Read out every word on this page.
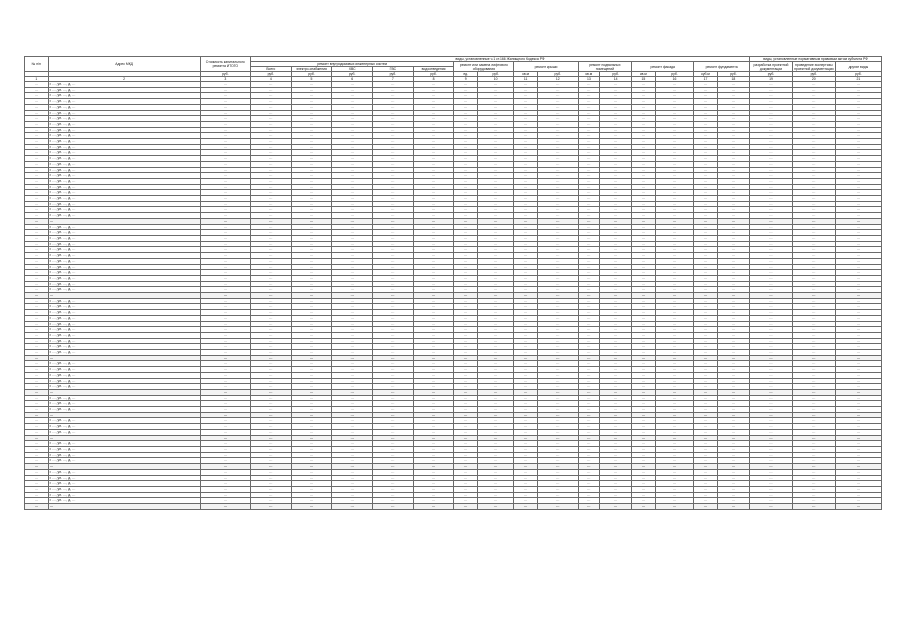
№ п/п	Адрес МКД	Стоимость капитального ремонта ИТОГО	виды, установленные ч.1 ст.166 Жилищного Кодекса РФ															виды, установленные нормативным правовым актом субъекта РФ		
			ремонт внутридомовых инженерных систем					ремонт или замена лифтового оборудования		ремонт крыши		ремонт подвальных помещений		ремонт фасада		ремонт фундамента		разработка проектной документации	проведение экспертизы проектной документации	другие виды
			Всего	электро-снабжения	ХВС	ГВС	водоотведения													
		руб.	руб.	руб.	руб.	руб.	руб.	ед.	руб.	кв.м	руб.	кв.м	руб.	кв.м	руб.	куб.м	руб.	руб.	руб.	руб.
1	2	3	4	5	6	7	8	9	10	11	12	13	14	15	16	17	18	19	20	21
…	г. …, ул. …, д. …	…	…	…	…	…	…	…	…	…	…	…	…	…	…	…	…	…	…	…
…	г. …, ул. …, д. …	…	…	…	…	…	…	…	…	…	…	…	…	…	…	…	…	…	…	…
…	г. …, ул. …, д. …	…	…	…	…	…	…	…	…	…	…	…	…	…	…	…	…	…	…	…
…	г. …, ул. …, д. …	…	…	…	…	…	…	…	…	…	…	…	…	…	…	…	…	…	…	…
…	г. …, ул. …, д. …	…	…	…	…	…	…	…	…	…	…	…	…	…	…	…	…	…	…	…
…	г. …, ул. …, д. …	…	…	…	…	…	…	…	…	…	…	…	…	…	…	…	…	…	…	…
…	г. …, ул. …, д. …	…	…	…	…	…	…	…	…	…	…	…	…	…	…	…	…	…	…	…
…	г. …, ул. …, д. …	…	…	…	…	…	…	…	…	…	…	…	…	…	…	…	…	…	…	…
…	г. …, ул. …, д. …	…	…	…	…	…	…	…	…	…	…	…	…	…	…	…	…	…	…	…
…	г. …, ул. …, д. …	…	…	…	…	…	…	…	…	…	…	…	…	…	…	…	…	…	…	…
…	г. …, ул. …, д. …	…	…	…	…	…	…	…	…	…	…	…	…	…	…	…	…	…	…	…
…	г. …, ул. …, д. …	…	…	…	…	…	…	…	…	…	…	…	…	…	…	…	…	…	…	…
…	г. …, ул. …, д. …	…	…	…	…	…	…	…	…	…	…	…	…	…	…	…	…	…	…	…
…	г. …, ул. …, д. …	…	…	…	…	…	…	…	…	…	…	…	…	…	…	…	…	…	…	…
…	г. …, ул. …, д. …	…	…	…	…	…	…	…	…	…	…	…	…	…	…	…	…	…	…	…
…	г. …, ул. …, д. …	…	…	…	…	…	…	…	…	…	…	…	…	…	…	…	…	…	…	…
…	г. …, ул. …, д. …	…	…	…	…	…	…	…	…	…	…	…	…	…	…	…	…	…	…	…
…	г. …, ул. …, д. …	…	…	…	…	…	…	…	…	…	…	…	…	…	…	…	…	…	…	…
…	г. …, ул. …, д. …	…	…	…	…	…	…	…	…	…	…	…	…	…	…	…	…	…	…	…
…	г. …, ул. …, д. …	…	…	…	…	…	…	…	…	…	…	…	…	…	…	…	…	…	…	…
…	г. …, ул. …, д. …	…	…	…	…	…	…	…	…	…	…	…	…	…	…	…	…	…	…	…
…	г. …, ул. …, д. …	…	…	…	…	…	…	…	…	…	…	…	…	…	…	…	…	…	…	…
…	г. …, ул. …, д. …	…	…	…	…	…	…	…	…	…	…	…	…	…	…	…	…	…	…	…
…	г. …, ул. …, д. …	…	…	…	…	…	…	…	…	…	…	…	…	…	…	…	…	…	…	…
…	…	…	…	…	…	…	…	…	…	…	…	…	…	…	…	…	…	…	…	…
…	г. …, ул. …, д. …	…	…	…	…	…	…	…	…	…	…	…	…	…	…	…	…	…	…	…
…	г. …, ул. …, д. …	…	…	…	…	…	…	…	…	…	…	…	…	…	…	…	…	…	…	…
…	г. …, ул. …, д. …	…	…	…	…	…	…	…	…	…	…	…	…	…	…	…	…	…	…	…
…	г. …, ул. …, д. …	…	…	…	…	…	…	…	…	…	…	…	…	…	…	…	…	…	…	…
…	г. …, ул. …, д. …	…	…	…	…	…	…	…	…	…	…	…	…	…	…	…	…	…	…	…
…	г. …, ул. …, д. …	…	…	…	…	…	…	…	…	…	…	…	…	…	…	…	…	…	…	…
…	г. …, ул. …, д. …	…	…	…	…	…	…	…	…	…	…	…	…	…	…	…	…	…	…	…
…	г. …, ул. …, д. …	…	…	…	…	…	…	…	…	…	…	…	…	…	…	…	…	…	…	…
…	г. …, ул. …, д. …	…	…	…	…	…	…	…	…	…	…	…	…	…	…	…	…	…	…	…
…	г. …, ул. …, д. …	…	…	…	…	…	…	…	…	…	…	…	…	…	…	…	…	…	…	…
…	г. …, ул. …, д. …	…	…	…	…	…	…	…	…	…	…	…	…	…	…	…	…	…	…	…
…	г. …, ул. …, д. …	…	…	…	…	…	…	…	…	…	…	…	…	…	…	…	…	…	…	…
…	…	…	…	…	…	…	…	…	…	…	…	…	…	…	…	…	…	…	…	…
…	г. …, ул. …, д. …	…	…	…	…	…	…	…	…	…	…	…	…	…	…	…	…	…	…	…
…	г. …, ул. …, д. …	…	…	…	…	…	…	…	…	…	…	…	…	…	…	…	…	…	…	…
…	г. …, ул. …, д. …	…	…	…	…	…	…	…	…	…	…	…	…	…	…	…	…	…	…	…
…	г. …, ул. …, д. …	…	…	…	…	…	…	…	…	…	…	…	…	…	…	…	…	…	…	…
…	г. …, ул. …, д. …	…	…	…	…	…	…	…	…	…	…	…	…	…	…	…	…	…	…	…
…	г. …, ул. …, д. …	…	…	…	…	…	…	…	…	…	…	…	…	…	…	…	…	…	…	…
…	г. …, ул. …, д. …	…	…	…	…	…	…	…	…	…	…	…	…	…	…	…	…	…	…	…
…	г. …, ул. …, д. …	…	…	…	…	…	…	…	…	…	…	…	…	…	…	…	…	…	…	…
…	г. …, ул. …, д. …	…	…	…	…	…	…	…	…	…	…	…	…	…	…	…	…	…	…	…
…	г. …, ул. …, д. …	…	…	…	…	…	…	…	…	…	…	…	…	…	…	…	…	…	…	…
…	…	…	…	…	…	…	…	…	…	…	…	…	…	…	…	…	…	…	…	…
…	г. …, ул. …, д. …	…	…	…	…	…	…	…	…	…	…	…	…	…	…	…	…	…	…	…
…	г. …, ул. …, д. …	…	…	…	…	…	…	…	…	…	…	…	…	…	…	…	…	…	…	…
…	г. …, ул. …, д. …	…	…	…	…	…	…	…	…	…	…	…	…	…	…	…	…	…	…	…
…	г. …, ул. …, д. …	…	…	…	…	…	…	…	…	…	…	…	…	…	…	…	…	…	…	…
…	г. …, ул. …, д. …	…	…	…	…	…	…	…	…	…	…	…	…	…	…	…	…	…	…	…
…	…	…	…	…	…	…	…	…	…	…	…	…	…	…	…	…	…	…	…	…
…	г. …, ул. …, д. …	…	…	…	…	…	…	…	…	…	…	…	…	…	…	…	…	…	…	…
…	г. …, ул. …, д. …	…	…	…	…	…	…	…	…	…	…	…	…	…	…	…	…	…	…	…
…	г. …, ул. …, д. …	…	…	…	…	…	…	…	…	…	…	…	…	…	…	…	…	…	…	…
…	…	…	…	…	…	…	…	…	…	…	…	…	…	…	…	…	…	…	…	…
…	г. …, ул. …, д. …	…	…	…	…	…	…	…	…	…	…	…	…	…	…	…	…	…	…	…
…	г. …, ул. …, д. …	…	…	…	…	…	…	…	…	…	…	…	…	…	…	…	…	…	…	…
…	г. …, ул. …, д. …	…	…	…	…	…	…	…	…	…	…	…	…	…	…	…	…	…	…	…
…	…	…	…	…	…	…	…	…	…	…	…	…	…	…	…	…	…	…	…	…
…	г. …, ул. …, д. …	…	…	…	…	…	…	…	…	…	…	…	…	…	…	…	…	…	…	…
…	г. …, ул. …, д. …	…	…	…	…	…	…	…	…	…	…	…	…	…	…	…	…	…	…	…
…	г. …, ул. …, д. …	…	…	…	…	…	…	…	…	…	…	…	…	…	…	…	…	…	…	…
…	г. …, ул. …, д. …	…	…	…	…	…	…	…	…	…	…	…	…	…	…	…	…	…	…	…
…	…	…	…	…	…	…	…	…	…	…	…	…	…	…	…	…	…	…	…	…
…	г. …, ул. …, д. …	…	…	…	…	…	…	…	…	…	…	…	…	…	…	…	…	…	…	…
…	г. …, ул. …, д. …	…	…	…	…	…	…	…	…	…	…	…	…	…	…	…	…	…	…	…
…	г. …, ул. …, д. …	…	…	…	…	…	…	…	…	…	…	…	…	…	…	…	…	…	…	…
…	г. …, ул. …, д. …	…	…	…	…	…	…	…	…	…	…	…	…	…	…	…	…	…	…	…
…	г. …, ул. …, д. …	…	…	…	…	…	…	…	…	…	…	…	…	…	…	…	…	…	…	…
…	г. …, ул. …, д. …	…	…	…	…	…	…	…	…	…	…	…	…	…	…	…	…	…	…	…
…	…	…	…	…	…	…	…	…	…	…	…	…	…	…	…	…	…	…	…	…
